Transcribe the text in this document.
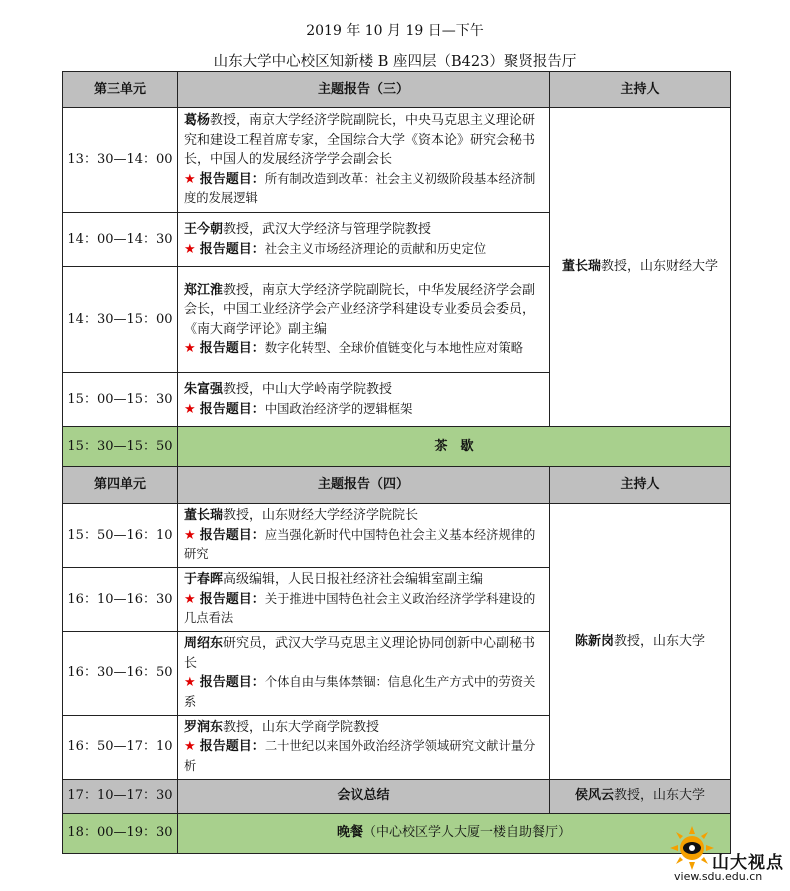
2019 年 10 月 19 日—下午
山东大学中心校区知新楼 B 座四层（B423）聚贤报告厅
第三单元	主题报告（三）	主持人
13：30—14：00	葛杨教授，南京大学经济学院副院长，中央马克思主义理论研究和建设工程首席专家，全国综合大学《资本论》研究会秘书长，中国人的发展经济学学会副会长
★ 报告题目：所有制改造到改革：社会主义初级阶段基本经济制度的发展逻辑	董长瑞教授，山东财经大学
14：00—14：30	王今朝教授，武汉大学经济与管理学院教授
★ 报告题目：社会主义市场经济理论的贡献和历史定位	
14：30—15：00	郑江淮教授，南京大学经济学院副院长，中华发展经济学会副会长，中国工业经济学会产业经济学科建设专业委员会委员，《南大商学评论》副主编
★ 报告题目：数字化转型、全球价值链变化与本地性应对策略	
15：00—15：30	朱富强教授，中山大学岭南学院教授
★ 报告题目：中国政治经济学的逻辑框架	
15：30—15：50	茶　歇	
第四单元	主题报告（四）	主持人
15：50—16：10	董长瑞教授，山东财经大学经济学院院长
★ 报告题目：应当强化新时代中国特色社会主义基本经济规律的研究	陈新岗教授，山东大学
16：10—16：30	于春晖高级编辑，人民日报社经济社会编辑室副主编
★ 报告题目：关于推进中国特色社会主义政治经济学学科建设的几点看法	
16：30—16：50	周绍东研究员，武汉大学马克思主义理论协同创新中心副秘书长
★ 报告题目：个体自由与集体禁锢：信息化生产方式中的劳资关系	
16：50—17：10	罗润东教授，山东大学商学院教授
★ 报告题目：二十世纪以来国外政治经济学领域研究文献计量分析	
17：10—17：30	会议总结	侯风云教授，山东大学
18：00—19：30	晚餐（中心校区学人大厦一楼自助餐厅）	
山大视点
view.sdu.edu.cn
